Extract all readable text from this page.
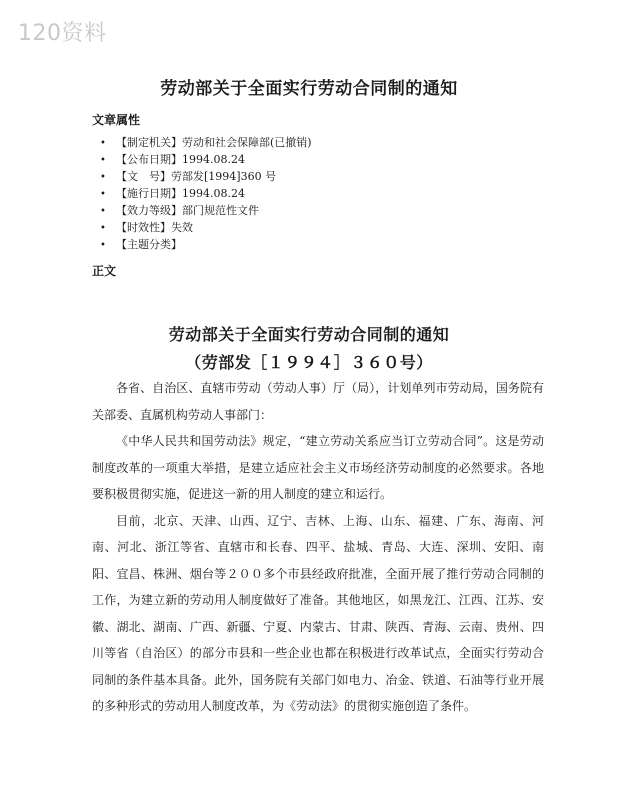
120资料
劳动部关于全面实行劳动合同制的通知
文章属性
• 【制定机关】劳动和社会保障部(已撤销)
• 【公布日期】1994.08.24
• 【文　号】劳部发[1994]360 号
• 【施行日期】1994.08.24
• 【效力等级】部门规范性文件
• 【时效性】失效
• 【主题分类】
正文
劳动部关于全面实行劳动合同制的通知
（劳部发［１９９４］３６０号）

各省、自治区、直辖市劳动（劳动人事）厅（局），计划单列市劳动局，国务院有关部委、直属机构劳动人事部门：

《中华人民共和国劳动法》规定，“建立劳动关系应当订立劳动合同”。这是劳动制度改革的一项重大举措，是建立适应社会主义市场经济劳动制度的必然要求。各地要积极贯彻实施，促进这一新的用人制度的建立和运行。

目前，北京、天津、山西、辽宁、吉林、上海、山东、福建、广东、海南、河南、河北、浙江等省、直辖市和长春、四平、盐城、青岛、大连、深圳、安阳、南阳、宜昌、株洲、烟台等２００多个市县经政府批准，全面开展了推行劳动合同制的工作，为建立新的劳动用人制度做好了准备。其他地区，如黑龙江、江西、江苏、安徽、湖北、湖南、广西、新疆、宁夏、内蒙古、甘肃、陕西、青海、云南、贵州、四川等省（自治区）的部分市县和一些企业也都在积极进行改革试点，全面实行劳动合同制的条件基本具备。此外，国务院有关部门如电力、冶金、铁道、石油等行业开展的多种形式的劳动用人制度改革，为《劳动法》的贯彻实施创造了条件。
